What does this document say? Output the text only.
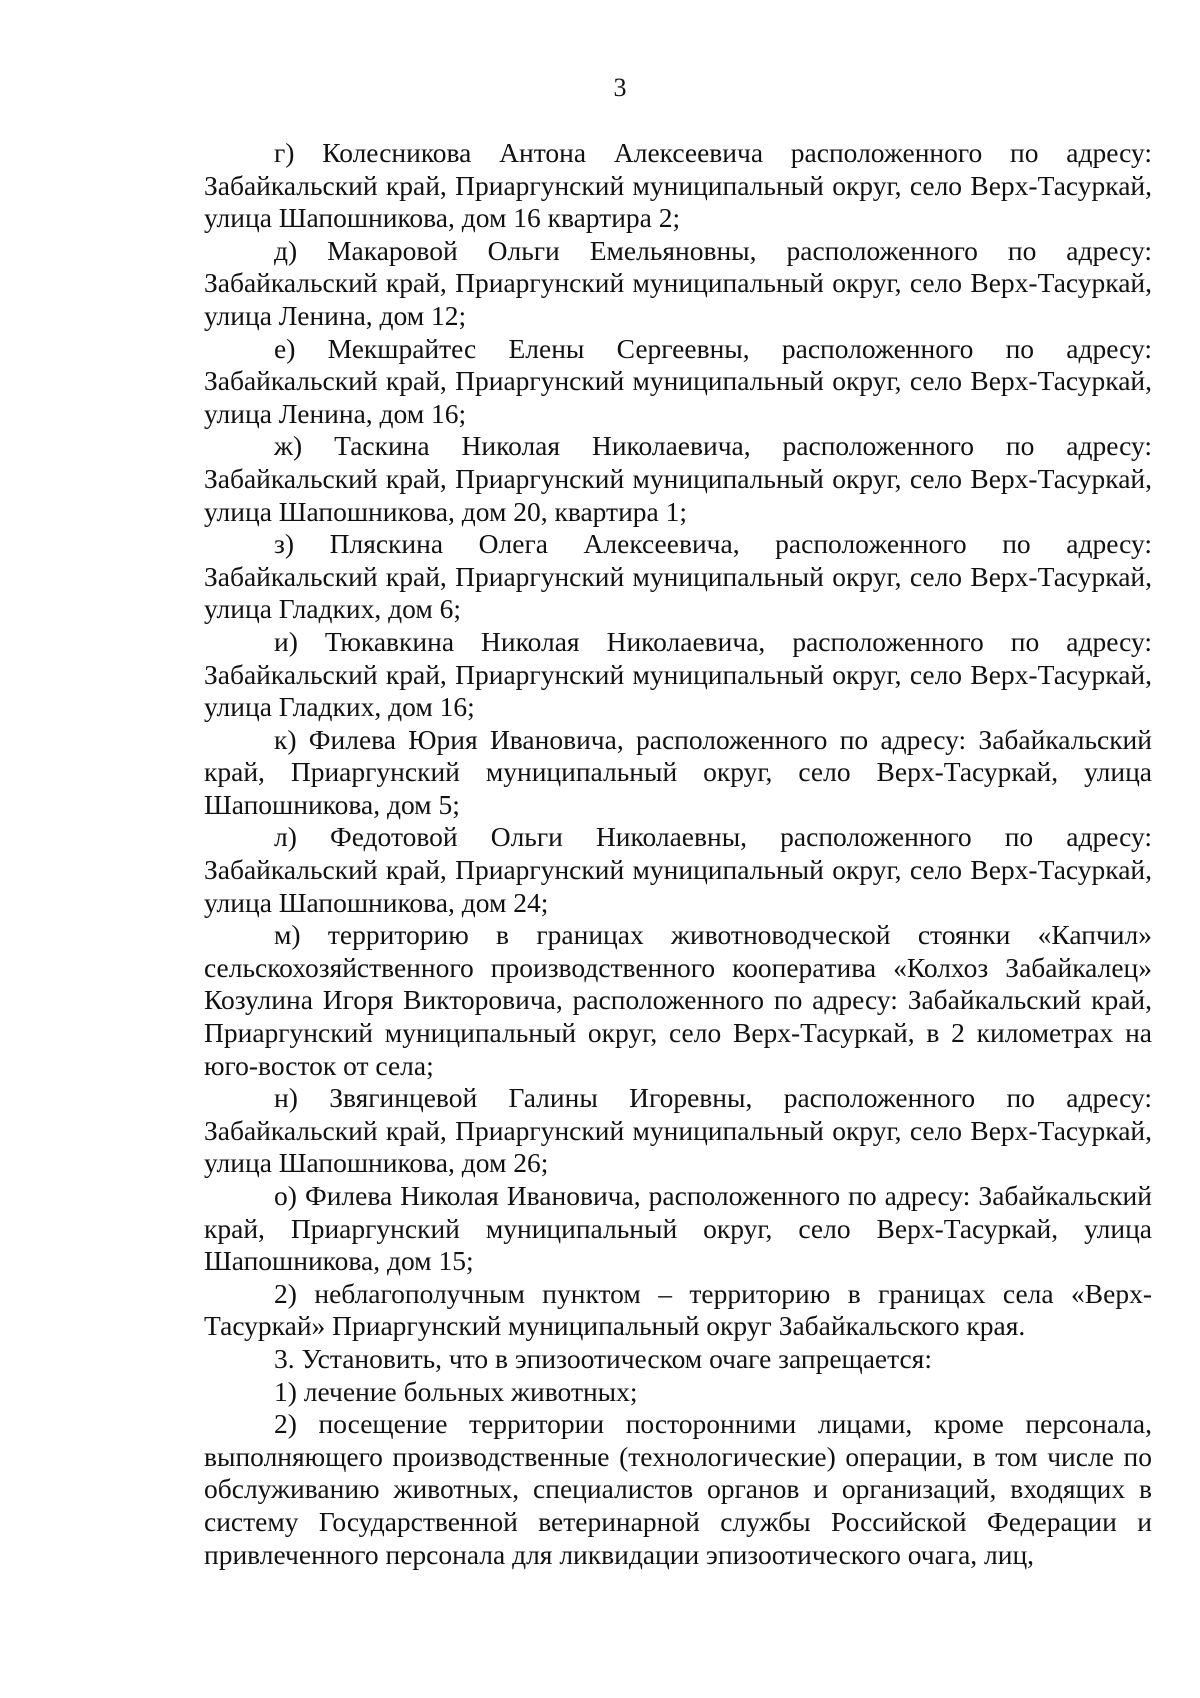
3

г) Колесникова Антона Алексеевича расположенного по адресу: Забайкальский край, Приаргунский муниципальный округ, село Верх-Тасуркай, улица Шапошникова, дом 16 квартира 2;

д) Макаровой Ольги Емельяновны, расположенного по адресу: Забайкальский край, Приаргунский муниципальный округ, село Верх-Тасуркай, улица Ленина, дом 12;

е) Мекшрайтес Елены Сергеевны, расположенного по адресу: Забайкальский край, Приаргунский муниципальный округ, село Верх-Тасуркай, улица Ленина, дом 16;

ж) Таскина Николая Николаевича, расположенного по адресу: Забайкальский край, Приаргунский муниципальный округ, село Верх-Тасуркай, улица Шапошникова, дом 20, квартира 1;

з) Пляскина Олега Алексеевича, расположенного по адресу: Забайкальский край, Приаргунский муниципальный округ, село Верх-Тасуркай, улица Гладких, дом 6;

и) Тюкавкина Николая Николаевича, расположенного по адресу: Забайкальский край, Приаргунский муниципальный округ, село Верх-Тасуркай, улица Гладких, дом 16;

к) Филева Юрия Ивановича, расположенного по адресу: Забайкальский край, Приаргунский муниципальный округ, село Верх-Тасуркай, улица Шапошникова, дом 5;

л) Федотовой Ольги Николаевны, расположенного по адресу: Забайкальский край, Приаргунский муниципальный округ, село Верх-Тасуркай, улица Шапошникова, дом 24;

м) территорию в границах животноводческой стоянки «Капчил» сельскохозяйственного производственного кооперaтива «Колхоз Забайкалец» Козулина Игоря Викторовича, расположенного по адресу: Забайкальский край, Приаргунский муниципальный округ, село Верх-Тасуркай, в 2 километрах на юго-восток от села;

н) Звягинцевой Галины Игоревны, расположенного по адресу: Забайкальский край, Приаргунский муниципальный округ, село Верх-Тасуркай, улица Шапошникова, дом 26;

о) Филева Николая Ивановича, расположенного по адресу: Забайкальский край, Приаргунский муниципальный округ, село Верх-Тасуркай, улица Шапошникова, дом 15;

2) неблагополучным пунктом – территорию в границах села «Верх-Тасуркай» Приаргунский муниципальный округ Забайкальского края.

3. Установить, что в эпизоотическом очаге запрещается:

1) лечение больных животных;

2) посещение территории посторонними лицами, кроме персонала, выполняющего производственные (технологические) операции, в том числе по обслуживанию животных, специалистов органов и организаций, входящих в систему Государственной ветеринарной службы Российской Федерации и привлеченного персонала для ликвидации эпизоотического очага, лиц,
